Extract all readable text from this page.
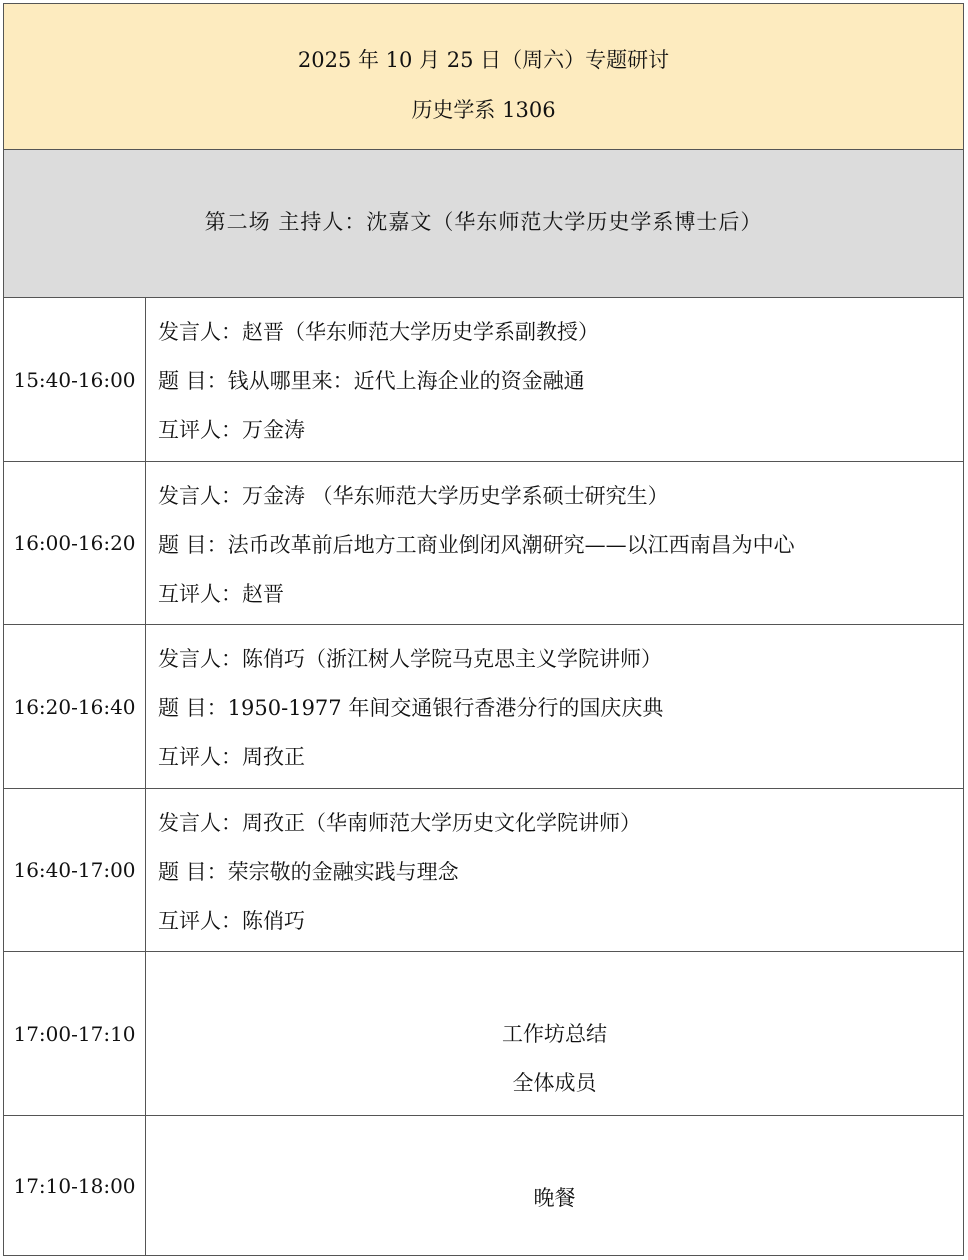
2025 年 10 月 25 日（周六）专题研讨
历史学系 1306
第二场 主持人：沈嘉文（华东师范大学历史学系博士后）
15:40-16:00
发言人：赵晋（华东师范大学历史学系副教授）
题 目：钱从哪里来：近代上海企业的资金融通
互评人：万金涛
16:00-16:20
发言人：万金涛 （华东师范大学历史学系硕士研究生）
题 目：法币改革前后地方工商业倒闭风潮研究——以江西南昌为中心
互评人：赵晋
16:20-16:40
发言人：陈俏巧（浙江树人学院马克思主义学院讲师）
题 目：1950-1977 年间交通银行香港分行的国庆庆典
互评人：周孜正
16:40-17:00
发言人：周孜正（华南师范大学历史文化学院讲师）
题 目：荣宗敬的金融实践与理念
互评人：陈俏巧
17:00-17:10	工作坊总结
全体成员
17:10-18:00	晚餐
